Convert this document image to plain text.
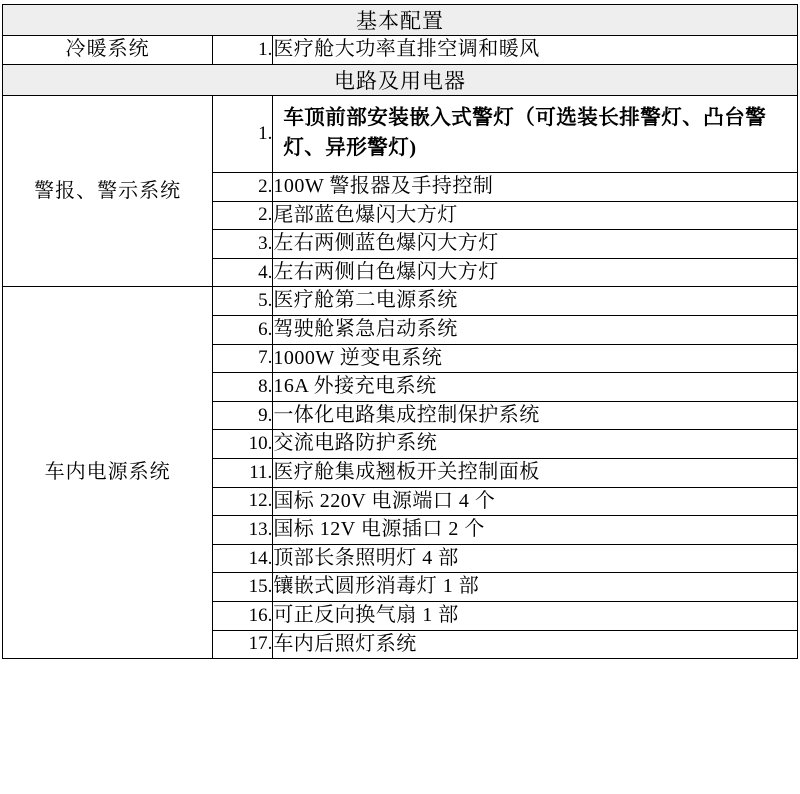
基本配置		
冷暖系统	1.	医疗舱大功率直排空调和暖风
电路及用电器		
警报、警示系统	1.	车顶前部安装嵌入式警灯（可选装长排警灯、凸台警灯、异形警灯)
	2.	100W 警报器及手持控制
	2.	尾部蓝色爆闪大方灯
	3.	左右两侧蓝色爆闪大方灯
	4.	左右两侧白色爆闪大方灯
车内电源系统	5.	医疗舱第二电源系统
	6.	驾驶舱紧急启动系统
	7.	1000W 逆变电系统
	8.	16A 外接充电系统
	9.	一体化电路集成控制保护系统
	10.	交流电路防护系统
	11.	医疗舱集成翘板开关控制面板
	12.	国标 220V 电源端口 4 个
	13.	国标 12V 电源插口 2 个
	14.	顶部长条照明灯 4 部
	15.	镶嵌式圆形消毒灯 1 部
	16.	可正反向换气扇 1 部
	17.	车内后照灯系统
